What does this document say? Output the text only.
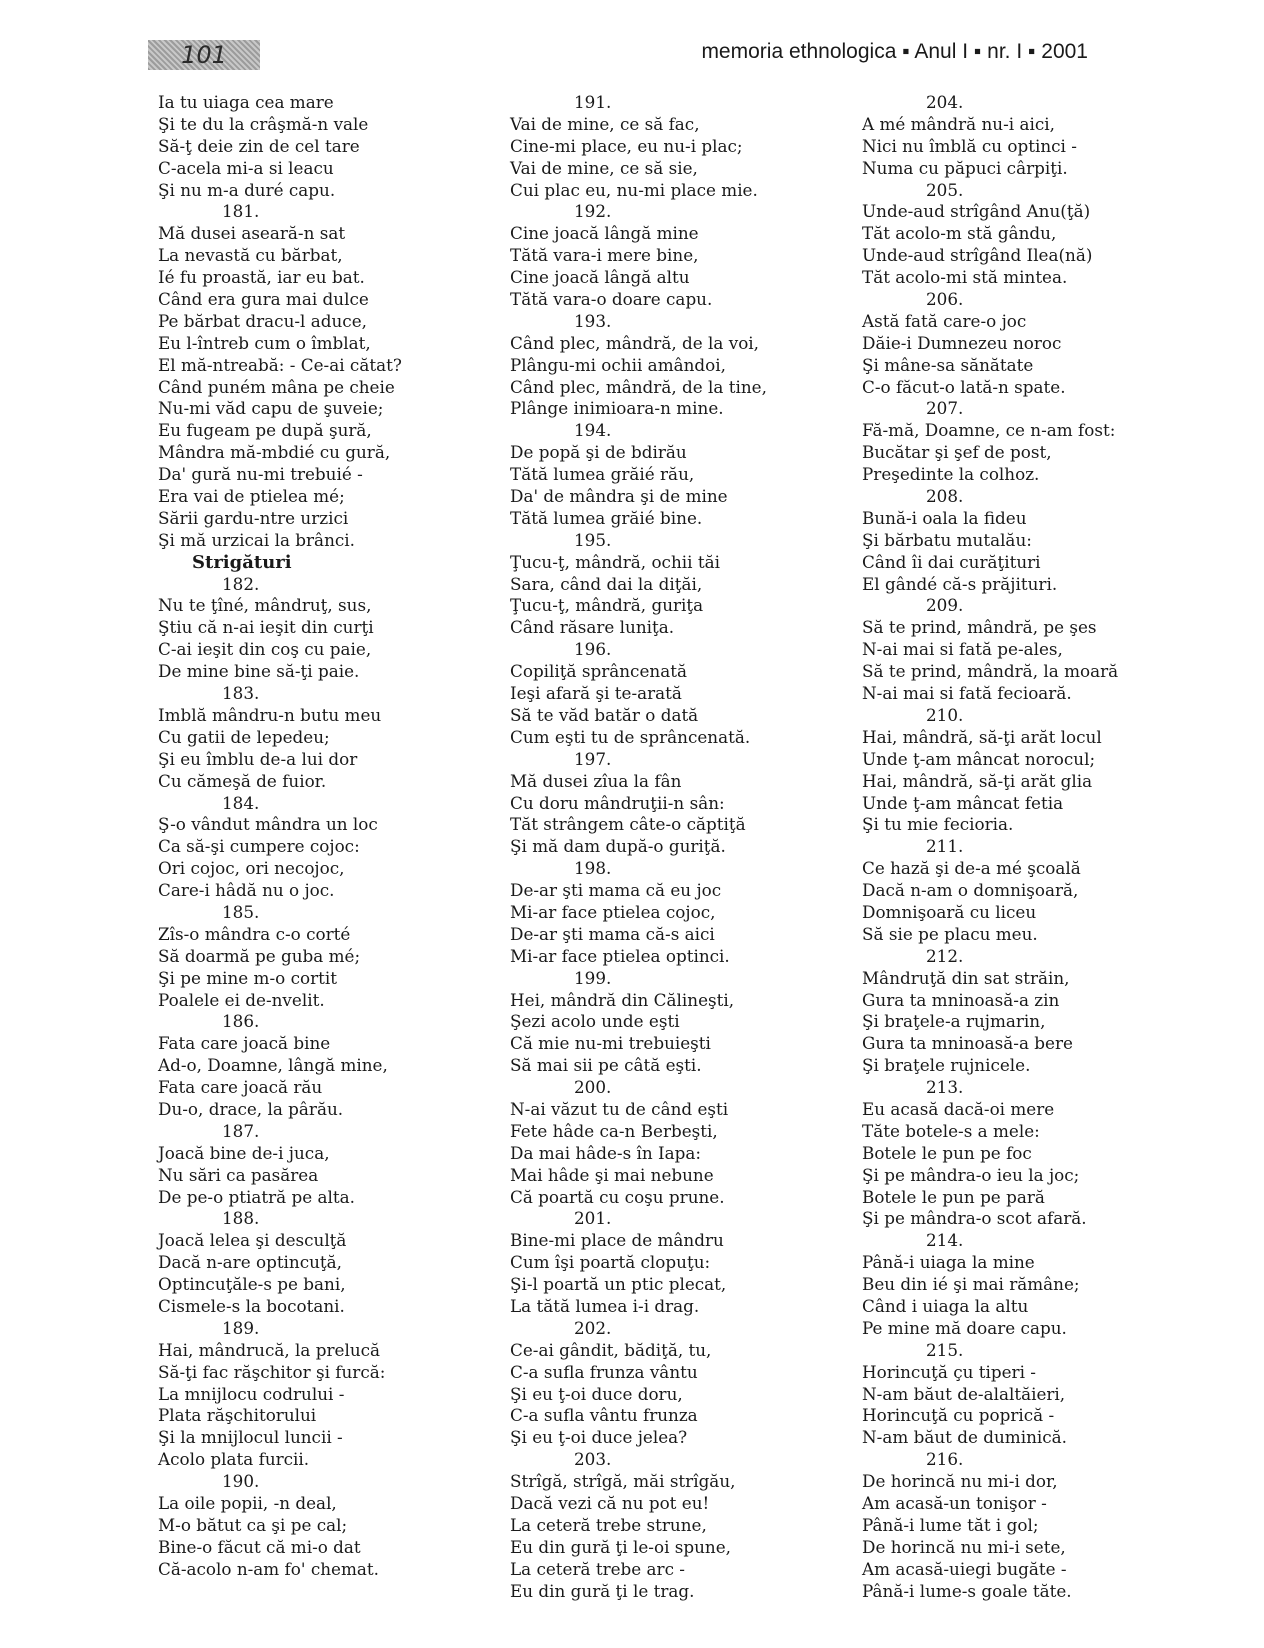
101	memoria ethnologica ▪ Anul I ▪ nr. I ▪ 2001
Ia tu uiaga cea mare
Şi te du la crâşmă-n vale
Să-ţ deie zin de cel tare
C-acela mi-a si leacu
Şi nu m-a duré capu.
181.
Mă dusei aseară-n sat
La nevastă cu bărbat,
Ié fu proastă, iar eu bat.
Când era gura mai dulce
Pe bărbat dracu-l aduce,
Eu l-întreb cum o îmblat,
El mă-ntreabă: - Ce-ai cătat?
Când puném mâna pe cheie
Nu-mi văd capu de şuveie;
Eu fugeam pe după şură,
Mândra mă-mbdié cu gură,
Da' gură nu-mi trebuié -
Era vai de ptielea mé;
Sării gardu-ntre urzici
Şi mă urzicai la brânci.
Strigături
182.
Nu te ţîné, mândruţ, sus,
Ştiu că n-ai ieşit din curţi
C-ai ieşit din coş cu paie,
De mine bine să-ţi paie.
183.
Imblă mândru-n butu meu
Cu gatii de lepedeu;
Şi eu îmblu de-a lui dor
Cu cămeşă de fuior.
184.
Ş-o vândut mândra un loc
Ca să-şi cumpere cojoc:
Ori cojoc, ori necojoc,
Care-i hâdă nu o joc.
185.
Zîs-o mândra c-o corté
Să doarmă pe guba mé;
Şi pe mine m-o cortit
Poalele ei de-nvelit.
186.
Fata care joacă bine
Ad-o, Doamne, lângă mine,
Fata care joacă rău
Du-o, drace, la pârău.
187.
Joacă bine de-i juca,
Nu sări ca pasărea
De pe-o ptiatră pe alta.
188.
Joacă lelea şi desculţă
Dacă n-are optincuţă,
Optincuţăle-s pe bani,
Cismele-s la bocotani.
189.
Hai, mândrucă, la prelucă
Să-ţi fac răşchitor şi furcă:
La mnijlocu codrului -
Plata răşchitorului
Şi la mnijlocul luncii -
Acolo plata furcii.
190.
La oile popii, -n deal,
M-o bătut ca şi pe cal;
Bine-o făcut că mi-o dat
Că-acolo n-am fo' chemat.
191.
Vai de mine, ce să fac,
Cine-mi place, eu nu-i plac;
Vai de mine, ce să sie,
Cui plac eu, nu-mi place mie.
192.
Cine joacă lângă mine
Tătă vara-i mere bine,
Cine joacă lângă altu
Tătă vara-o doare capu.
193.
Când plec, mândră, de la voi,
Plângu-mi ochii amândoi,
Când plec, mândră, de la tine,
Plânge inimioara-n mine.
194.
De popă şi de bdirău
Tătă lumea grăié rău,
Da' de mândra şi de mine
Tătă lumea grăié bine.
195.
Ţucu-ţ, mândră, ochii tăi
Sara, când dai la diţăi,
Ţucu-ţ, mândră, guriţa
Când răsare luniţa.
196.
Copiliţă sprâncenată
Ieşi afară şi te-arată
Să te văd batăr o dată
Cum eşti tu de sprâncenată.
197.
Mă dusei zîua la fân
Cu doru mândruţii-n sân:
Tăt strângem câte-o căptiţă
Şi mă dam după-o guriţă.
198.
De-ar şti mama că eu joc
Mi-ar face ptielea cojoc,
De-ar şti mama că-s aici
Mi-ar face ptielea optinci.
199.
Hei, mândră din Călineşti,
Şezi acolo unde eşti
Că mie nu-mi trebuieşti
Să mai sii pe câtă eşti.
200.
N-ai văzut tu de când eşti
Fete hâde ca-n Berbeşti,
Da mai hâde-s în Iapa:
Mai hâde şi mai nebune
Că poartă cu coşu prune.
201.
Bine-mi place de mândru
Cum îşi poartă clopuţu:
Şi-l poartă un ptic plecat,
La tătă lumea i-i drag.
202.
Ce-ai gândit, bădiţă, tu,
C-a sufla frunza vântu
Şi eu ţ-oi duce doru,
C-a sufla vântu frunza
Şi eu ţ-oi duce jelea?
203.
Strîgă, strîgă, măi strîgău,
Dacă vezi că nu pot eu!
La ceteră trebe strune,
Eu din gură ţi le-oi spune,
La ceteră trebe arc -
Eu din gură ţi le trag.
204.
A mé mândră nu-i aici,
Nici nu îmblă cu optinci -
Numa cu păpuci cârpiţi.
205.
Unde-aud strîgând Anu(ţă)
Tăt acolo-m stă gându,
Unde-aud strîgând Ilea(nă)
Tăt acolo-mi stă mintea.
206.
Astă fată care-o joc
Dăie-i Dumnezeu noroc
Şi mâne-sa sănătate
C-o făcut-o lată-n spate.
207.
Fă-mă, Doamne, ce n-am fost:
Bucătar şi şef de post,
Preşedinte la colhoz.
208.
Bună-i oala la fideu
Şi bărbatu mutalău:
Când îi dai curăţituri
El gândé că-s prăjituri.
209.
Să te prind, mândră, pe şes
N-ai mai si fată pe-ales,
Să te prind, mândră, la moară
N-ai mai si fată fecioară.
210.
Hai, mândră, să-ţi arăt locul
Unde ţ-am mâncat norocul;
Hai, mândră, să-ţi arăt glia
Unde ţ-am mâncat fetia
Şi tu mie fecioria.
211.
Ce hază şi de-a mé şcoală
Dacă n-am o domnişoară,
Domnişoară cu liceu
Să sie pe placu meu.
212.
Mândruţă din sat străin,
Gura ta mninoasă-a zin
Şi braţele-a rujmarin,
Gura ta mninoasă-a bere
Şi braţele rujnicele.
213.
Eu acasă dacă-oi mere
Tăte botele-s a mele:
Botele le pun pe foc
Şi pe mândra-o ieu la joc;
Botele le pun pe pară
Şi pe mândra-o scot afară.
214.
Până-i uiaga la mine
Beu din ié şi mai rămâne;
Când i uiaga la altu
Pe mine mă doare capu.
215.
Horincuţă çu tiperi -
N-am băut de-alaltăieri,
Horincuţă cu poprică -
N-am băut de duminică.
216.
De horincă nu mi-i dor,
Am acasă-un tonişor -
Până-i lume tăt i gol;
De horincă nu mi-i sete,
Am acasă-uiegi bugăte -
Până-i lume-s goale tăte.
